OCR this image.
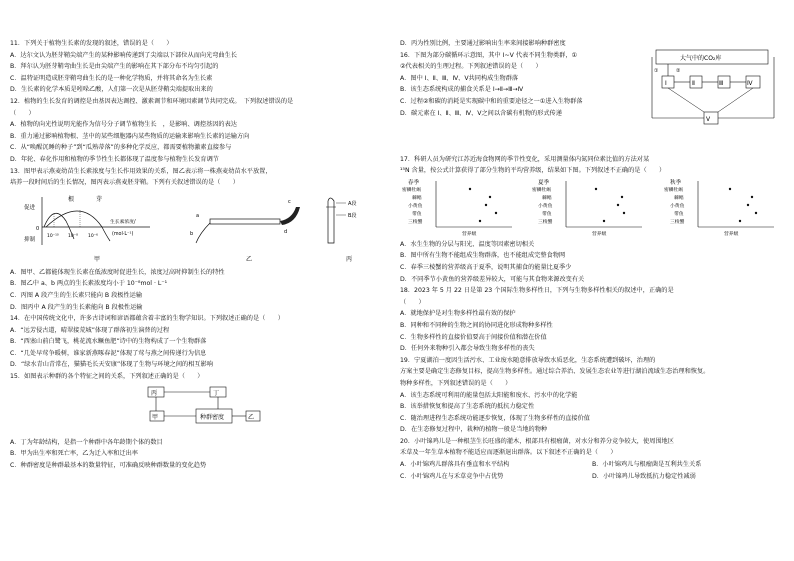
11．下列关于植物生长素的发现的叙述，错误的是（　　）

A．达尔文认为胚芽鞘尖端产生的某种影响传递到了尖端以下部位从而向光弯曲生长

B．拜尔认为胚芽鞘弯曲生长是由尖端产生的影响在其下部分布不均匀引起的

C．温特证明造成胚芽鞘弯曲生长的是一种化学物质，并将其命名为生长素

D．生长素的化学本质是吲哚乙酸，人们第一次是从胚芽鞘尖端提取出来的

12．植物的生长发育的调控是由基因表达调控、激素调节和环境因素调节共同完成。　下列叙述错误的是

（　　）

A．植物的向光性说明光能作为信号分子调节植物生长　，是影响、调控基因的表达

B．重力通过影响植物根、茎中的某些细胞器内某些物质的运输来影响生长素的运输方向

C．从“唤醒沉睡的种子”到“瓜熟蒂落”的多种化学反应，都需要植物激素直接参与

D．年轮、春化作用和植物的季节性生长都体现了温度参与植物生长发育调节

13．图甲表示燕麦幼苗生长素浓度与生长作用效果的关系，图乙表示将一株燕麦幼苗水平放置，

培养一段时间后的生长情况，图丙表示燕麦胚芽鞘。下列有关叙述错误的是（　　）

促进
抑制
0
根	芽
10⁻¹⁰ 10⁻⁸ 10⁻⁶
生长素浓度/
(mol·L⁻¹)
甲
a
b
c
d
乙
A段
B段
丙

A．图甲、乙都能体现生长素在低浓度时促进生长，浓度过高时抑制生长的特性

B．图乙中 a、b 两点的生长素浓度均小于 10⁻⁸mol · L⁻¹

C．丙图 A 段产生的生长素只能向 B 段极性运输

D．图丙中 A 段产生的生长素能向 B 段极性运输

14．在中国传统文化中，许多古诗词和谚语都蕴含着丰富的生物学知识。下列叙述正确的是（　　）

A．“远芳侵古道，晴翠接荒城”体现了群落初生演替的过程

B．“西塞山前白鹭飞，桃花流水鳜鱼肥”诗中的生物构成了一个生物群落

C．“几处早莺争暖树，谁家新燕啄春泥”体现了莺与燕之间传递行为信息

D．“绿水青山青常在，猫猫毛长天安康”体现了生物与环境之间的相互影响

15．如图表示种群的各个特征之间的关系，下列叙述正确的是（　　）

丙	丁
甲	种群密度	乙

A．丁为年龄结构，是指一个种群中各年龄期个体的数目

B．甲为出生率和死亡率，乙为迁入率和迁出率

C．种群密度是种群最基本的数量特征，可准确反映种群数量的变化趋势

D．丙为性别比例，主要通过影响出生率来间接影响种群密度

16．下图为部分碳循环示意图，其中 Ⅰ~Ⅴ 代表不同生物类群，①

②代表相关的生理过程。下列叙述错误的是（　　）

A．图中 Ⅰ、Ⅱ、Ⅲ、Ⅳ、Ⅴ共同构成生物群落

B．该生态系统构成的捕食关系是 Ⅰ→Ⅱ→Ⅲ→Ⅳ

C．过程②和碳的消耗是实现碳中和的重要途径之一①进入生物群落

D．碳元素在 Ⅰ、Ⅱ、Ⅲ、Ⅳ、Ⅴ之间以含碳有机物的形式传递

大气中的CO₂库
Ⅰ	Ⅱ	Ⅲ	Ⅳ
Ⅴ
①	②

17．科研人员为研究江苏近海食物网的季节性变化，采用测量体内氮同位素比值的方法对某

¹⁵N 含量，按公式计算获得了部分生物的平均营养级，结果如下图。下列叙述不正确的是（　　）

春季
密鳞牡蛎
棘鲳
小黄鱼
带鱼
三棱蟹
营养级
夏季
密鳞牡蛎
棘鲳
小黄鱼
带鱼
三棱蟹
营养级
秋季
密鳞牡蛎
棘鲳
小黄鱼
带鱼
三棱蟹
营养级

A．水生生物的分层与阳光、温度等因素密切相关

B．图中所有生物不能组成生物群落，也不能组成完整食物网

C．春季三棱蟹的营养级高于夏季，说明其捕食的能量比夏季少

D．不同季节小黄鱼的营养级差异较大，可能与其食物来源改变有关

18．2023 年 5 月 22 日是第 23 个国际生物多样性日，下列与生物多样性相关的叙述中，正确的是

（　　）

A．就地保护是对生物多样性最有效的保护

B．同种和不同种的生物之间的协同进化形成物种多样性

C．生物多样性的直接价值要高于间接价值和潜在价值

D．任何外来物种引入都会导致生物多样性的丧失

19．宁夏湖泊一度因生活污水、工业废水随意排放导致水质恶化，生态系统遭到破坏，治理的

方案主要是确定生态修复目标，提高生物多样性。通过综合养治、发展生态农业等进行湖泊流域生态治理和恢复。

物种多样性，下列叙述错误的是（　　）

A．该生态系统可利用的能量包括太阳能和废水、污水中的化学能

B．该举措恢复和提高了生态系统的抵抗力稳定性

C．随治理进程生态系统功能逐步恢复，体现了生物多样性的直接价值

D．在生态修复过程中，栽种的植物一般是当地的物种

20．小叶锦鸡儿是一种根茎生长旺盛的灌木，根部具有根瘤菌，对水分和养分竞争较大，使周围地区

禾草及一年生草本植物不能适应而逐渐退出群落。以下叙述不正确的是（　　）

A．小叶锦鸡儿群落具有垂直和水平结构	B．小叶锦鸡儿与根瘤菌是互利共生关系
C．小叶锦鸡儿在与禾草竞争中占优势	D．小叶锦鸡儿导致抵抗力稳定性减弱
